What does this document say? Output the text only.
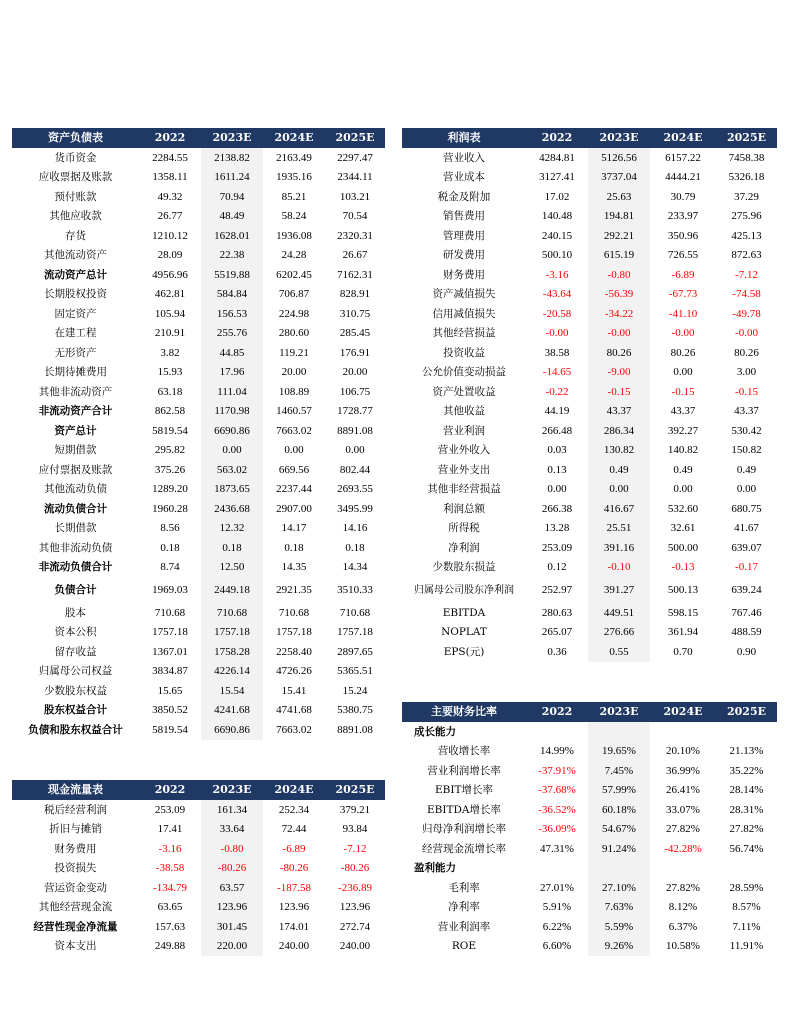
资产负债表	2022	2023E	2024E	2025E
货币资金	2284.55	2138.82	2163.49	2297.47
应收票据及账款	1358.11	1611.24	1935.16	2344.11
预付账款	49.32	70.94	85.21	103.21
其他应收款	26.77	48.49	58.24	70.54
存货	1210.12	1628.01	1936.08	2320.31
其他流动资产	28.09	22.38	24.28	26.67
流动资产总计	4956.96	5519.88	6202.45	7162.31
长期股权投资	462.81	584.84	706.87	828.91
固定资产	105.94	156.53	224.98	310.75
在建工程	210.91	255.76	280.60	285.45
无形资产	3.82	44.85	119.21	176.91
长期待摊费用	15.93	17.96	20.00	20.00
其他非流动资产	63.18	111.04	108.89	106.75
非流动资产合计	862.58	1170.98	1460.57	1728.77
资产总计	5819.54	6690.86	7663.02	8891.08
短期借款	295.82	0.00	0.00	0.00
应付票据及账款	375.26	563.02	669.56	802.44
其他流动负债	1289.20	1873.65	2237.44	2693.55
流动负债合计	1960.28	2436.68	2907.00	3495.99
长期借款	8.56	12.32	14.17	14.16
其他非流动负债	0.18	0.18	0.18	0.18
非流动负债合计	8.74	12.50	14.35	14.34
负债合计	1969.03	2449.18	2921.35	3510.33
股本	710.68	710.68	710.68	710.68
资本公积	1757.18	1757.18	1757.18	1757.18
留存收益	1367.01	1758.28	2258.40	2897.65
归属母公司权益	3834.87	4226.14	4726.26	5365.51
少数股东权益	15.65	15.54	15.41	15.24
股东权益合计	3850.52	4241.68	4741.68	5380.75
负债和股东权益合计	5819.54	6690.86	7663.02	8891.08
利润表	2022	2023E	2024E	2025E
营业收入	4284.81	5126.56	6157.22	7458.38
营业成本	3127.41	3737.04	4444.21	5326.18
税金及附加	17.02	25.63	30.79	37.29
销售费用	140.48	194.81	233.97	275.96
管理费用	240.15	292.21	350.96	425.13
研发费用	500.10	615.19	726.55	872.63
财务费用	-3.16	-0.80	-6.89	-7.12
资产减值损失	-43.64	-56.39	-67.73	-74.58
信用减值损失	-20.58	-34.22	-41.10	-49.78
其他经营损益	-0.00	-0.00	-0.00	-0.00
投资收益	38.58	80.26	80.26	80.26
公允价值变动损益	-14.65	-9.00	0.00	3.00
资产处置收益	-0.22	-0.15	-0.15	-0.15
其他收益	44.19	43.37	43.37	43.37
营业利润	266.48	286.34	392.27	530.42
营业外收入	0.03	130.82	140.82	150.82
营业外支出	0.13	0.49	0.49	0.49
其他非经营损益	0.00	0.00	0.00	0.00
利润总额	266.38	416.67	532.60	680.75
所得税	13.28	25.51	32.61	41.67
净利润	253.09	391.16	500.00	639.07
少数股东损益	0.12	-0.10	-0.13	-0.17
归属母公司股东净利润	252.97	391.27	500.13	639.24
EBITDA	280.63	449.51	598.15	767.46
NOPLAT	265.07	276.66	361.94	488.59
EPS(元)	0.36	0.55	0.70	0.90
现金流量表	2022	2023E	2024E	2025E
税后经营利润	253.09	161.34	252.34	379.21
折旧与摊销	17.41	33.64	72.44	93.84
财务费用	-3.16	-0.80	-6.89	-7.12
投资损失	-38.58	-80.26	-80.26	-80.26
营运资金变动	-134.79	63.57	-187.58	-236.89
其他经营现金流	63.65	123.96	123.96	123.96
经营性现金净流量	157.63	301.45	174.01	272.74
资本支出	249.88	220.00	240.00	240.00
主要财务比率	2022	2023E	2024E	2025E
成长能力				
营收增长率	14.99%	19.65%	20.10%	21.13%
营业利润增长率	-37.91%	7.45%	36.99%	35.22%
EBIT增长率	-37.68%	57.99%	26.41%	28.14%
EBITDA增长率	-36.52%	60.18%	33.07%	28.31%
归母净利润增长率	-36.09%	54.67%	27.82%	27.82%
经营现金流增长率	47.31%	91.24%	-42.28%	56.74%
盈利能力				
毛利率	27.01%	27.10%	27.82%	28.59%
净利率	5.91%	7.63%	8.12%	8.57%
营业利润率	6.22%	5.59%	6.37%	7.11%
ROE	6.60%	9.26%	10.58%	11.91%
